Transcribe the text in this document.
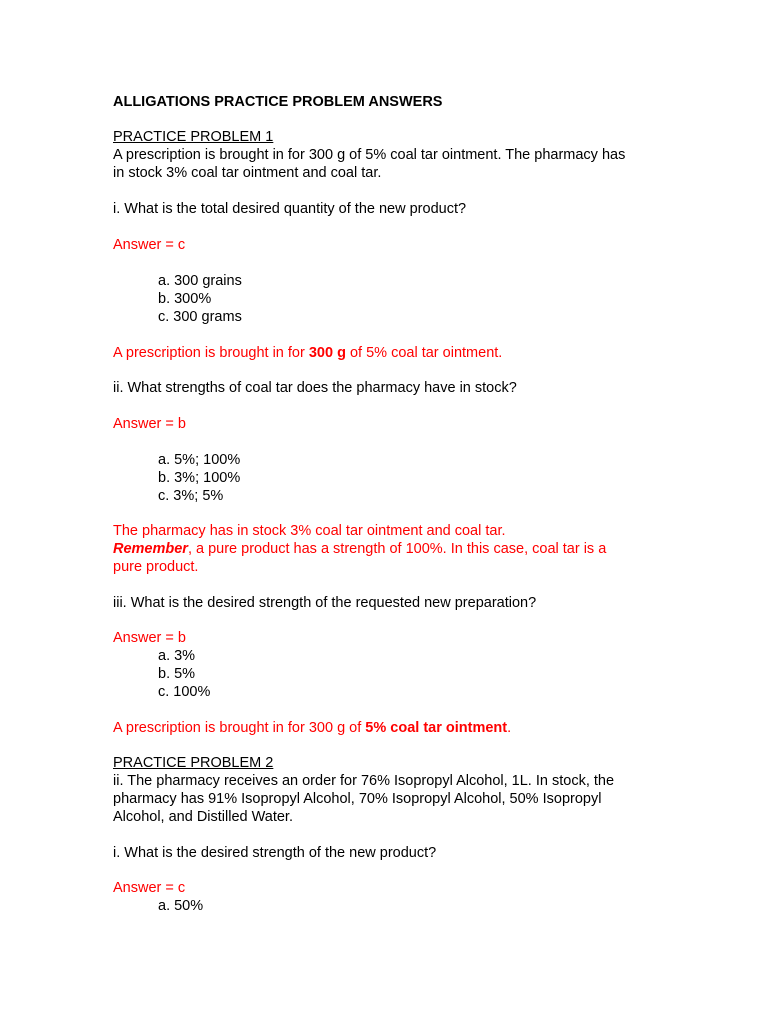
ALLIGATIONS PRACTICE PROBLEM ANSWERS
PRACTICE PROBLEM 1
A prescription is brought in for 300 g of 5% coal tar ointment. The pharmacy has
in stock 3% coal tar ointment and coal tar.
i. What is the total desired quantity of the new product?
Answer = c
a. 300 grains
b. 300%
c. 300 grams
A prescription is brought in for 300 g of 5% coal tar ointment.
ii. What strengths of coal tar does the pharmacy have in stock?
Answer = b
a. 5%; 100%
b. 3%; 100%
c. 3%; 5%
The pharmacy has in stock 3% coal tar ointment and coal tar.
Remember, a pure product has a strength of 100%. In this case, coal tar is a
pure product.
iii. What is the desired strength of the requested new preparation?
Answer = b
a. 3%
b. 5%
c. 100%
A prescription is brought in for 300 g of 5% coal tar ointment.
PRACTICE PROBLEM 2
ii. The pharmacy receives an order for 76% Isopropyl Alcohol, 1L. In stock, the
pharmacy has 91% Isopropyl Alcohol, 70% Isopropyl Alcohol, 50% Isopropyl
Alcohol, and Distilled Water.
i. What is the desired strength of the new product?
Answer = c
a. 50%
